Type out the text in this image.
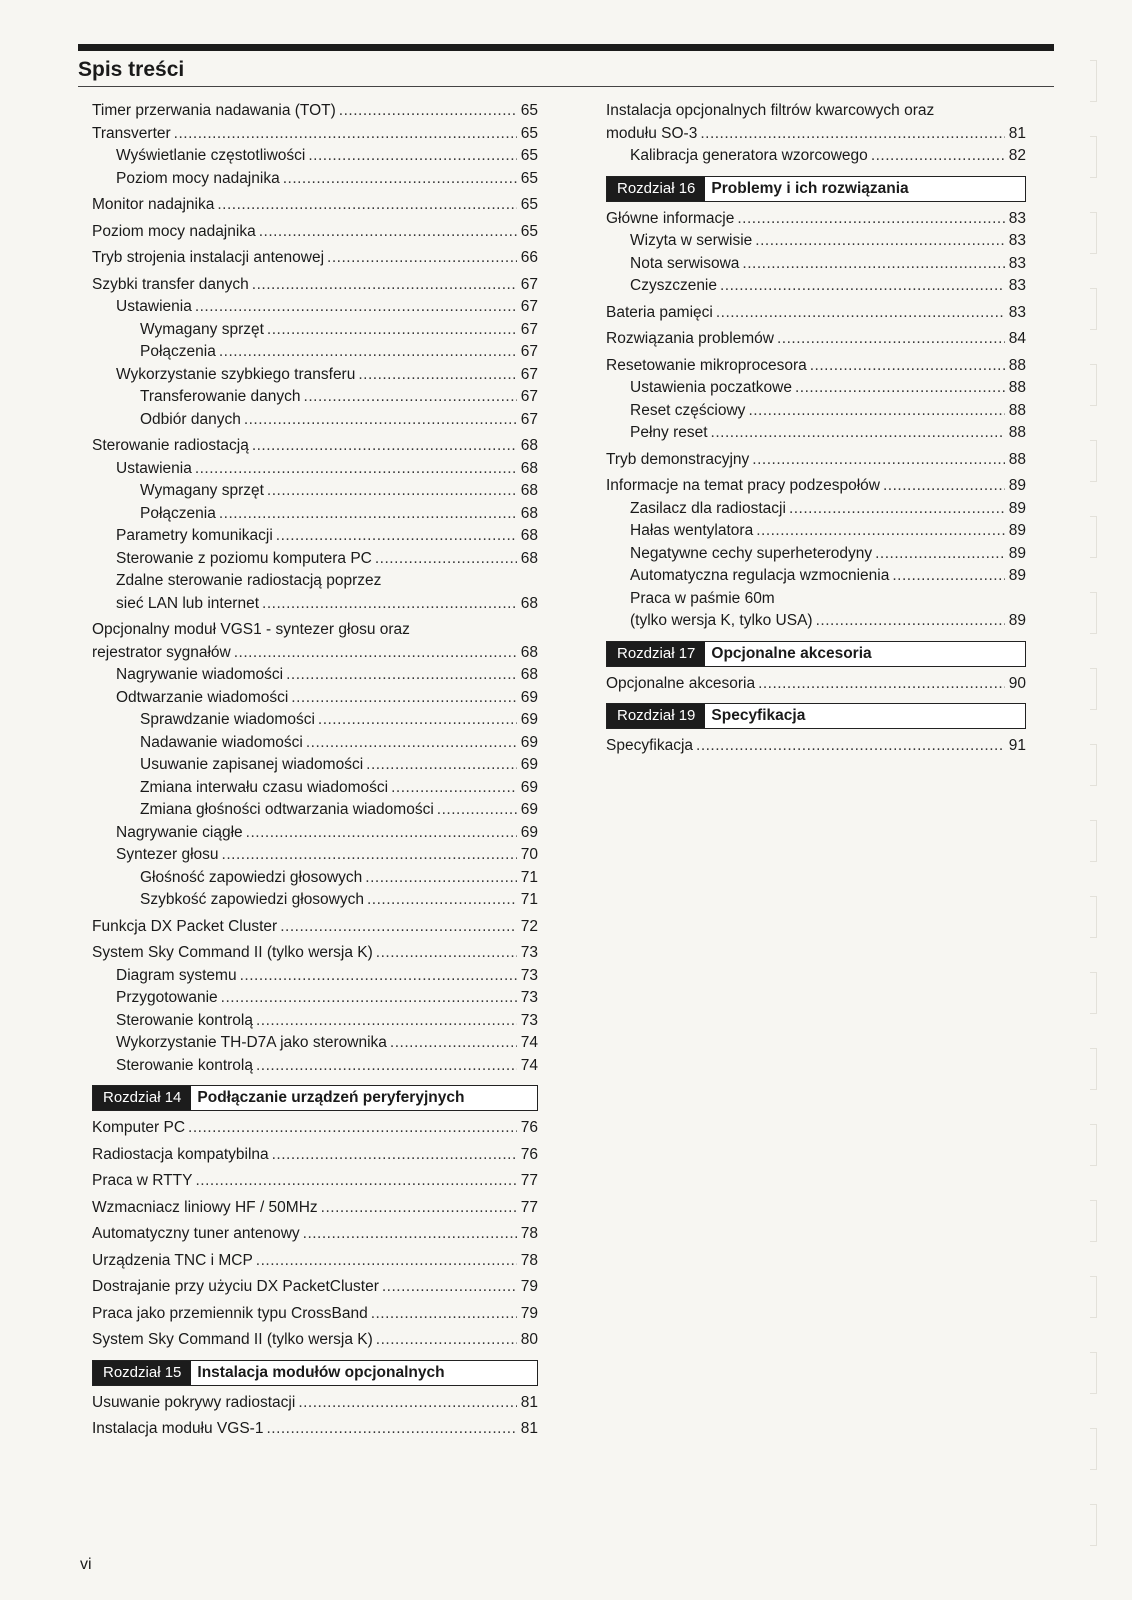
Spis treści
Timer przerwania nadawania (TOT) .....	65
Transverter .....	65
Wyświetlanie częstotliwości .....	65
Poziom mocy nadajnika .....	65
Monitor nadajnika .....	65
Poziom mocy nadajnika .....	65
Tryb strojenia instalacji antenowej .....	66
Szybki transfer danych .....	67
Ustawienia .....	67
Wymagany sprzęt .....	67
Połączenia .....	67
Wykorzystanie szybkiego transferu .....	67
Transferowanie danych .....	67
Odbiór danych .....	67
Sterowanie radiostacją .....	68
Ustawienia .....	68
Wymagany sprzęt .....	68
Połączenia .....	68
Parametry komunikacji .....	68
Sterowanie z poziomu komputera PC .....	68
Zdalne sterowanie radiostacją poprzez
sieć LAN lub internet .....	68
Opcjonalny moduł VGS1 - syntezer głosu oraz
rejestrator sygnałów .....	68
Nagrywanie wiadomości .....	68
Odtwarzanie wiadomości .....	69
Sprawdzanie wiadomości .....	69
Nadawanie wiadomości .....	69
Usuwanie zapisanej wiadomości .....	69
Zmiana interwału czasu wiadomości .....	69
Zmiana głośności odtwarzania wiadomości .....	69
Nagrywanie ciągłe .....	69
Syntezer głosu .....	70
Głośność zapowiedzi głosowych .....	71
Szybkość zapowiedzi głosowych .....	71
Funkcja DX Packet Cluster .....	72
System Sky Command II (tylko wersja K) .....	73
Diagram systemu .....	73
Przygotowanie .....	73
Sterowanie kontrolą .....	73
Wykorzystanie TH-D7A jako sterownika .....	74
Sterowanie kontrolą .....	74
Rozdział 14	Podłączanie urządzeń peryferyjnych
Komputer PC .....	76
Radiostacja kompatybilna .....	76
Praca w RTTY .....	77
Wzmacniacz liniowy HF / 50MHz .....	77
Automatyczny tuner antenowy .....	78
Urządzenia TNC i MCP .....	78
Dostrajanie przy użyciu DX PacketCluster .....	79
Praca jako przemiennik typu CrossBand .....	79
System Sky Command II (tylko wersja K) .....	80
Rozdział 15	Instalacja modułów opcjonalnych
Usuwanie pokrywy radiostacji .....	81
Instalacja modułu VGS-1 .....	81
Instalacja opcjonalnych filtrów kwarcowych oraz
modułu SO-3 .....	81
Kalibracja generatora wzorcowego .....	82
Rozdział 16	Problemy i ich rozwiązania
Główne informacje .....	83
Wizyta w serwisie .....	83
Nota serwisowa .....	83
Czyszczenie .....	83
Bateria pamięci .....	83
Rozwiązania problemów .....	84
Resetowanie mikroprocesora .....	88
Ustawienia poczatkowe .....	88
Reset częściowy .....	88
Pełny reset .....	88
Tryb demonstracyjny .....	88
Informacje na temat pracy podzespołów .....	89
Zasilacz dla radiostacji .....	89
Hałas wentylatora .....	89
Negatywne cechy superheterodyny .....	89
Automatyczna regulacja wzmocnienia .....	89
Praca w paśmie 60m
(tylko wersja K, tylko USA) .....	89
Rozdział 17	Opcjonalne akcesoria
Opcjonalne akcesoria .....	90
Rozdział 19	Specyfikacja
Specyfikacja .....	91
vi
